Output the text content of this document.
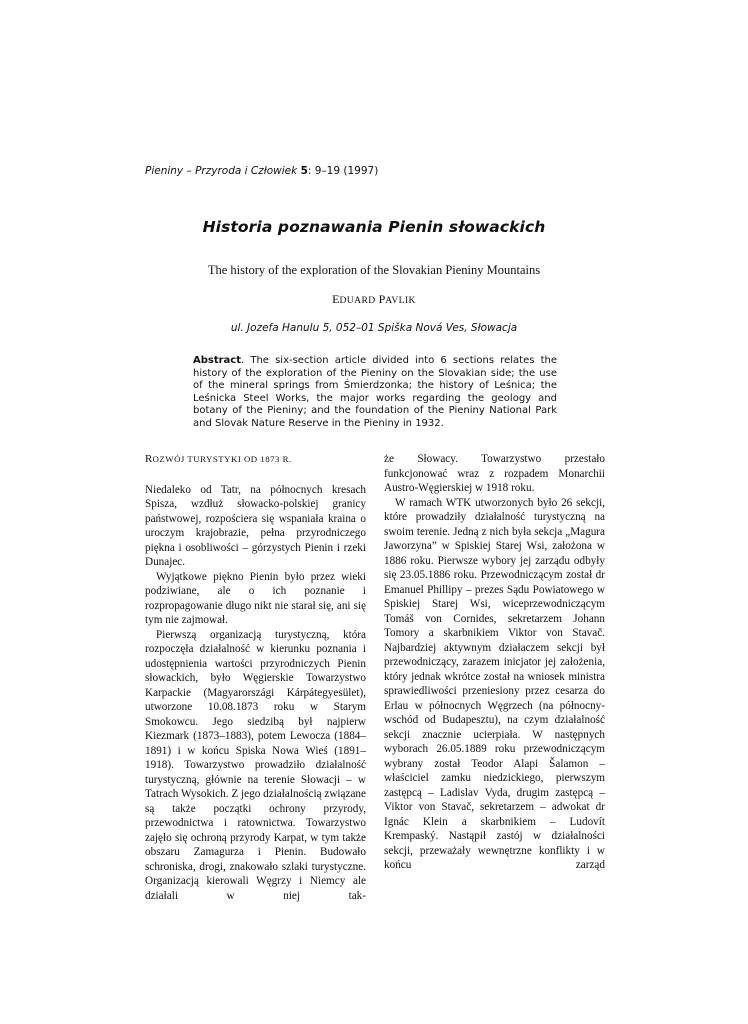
Pieniny – Przyroda i Człowiek 5: 9–19 (1997)
Historia poznawania Pienin słowackich
The history of the exploration of the Slovakian Pieniny Mountains
EDUARD PAVLIK
ul. Jozefa Hanulu 5, 052–01 Spiška Nová Ves, Słowacja
Abstract. The six-section article divided into 6 sections relates the history of the exploration of the Pieniny on the Slovakian side; the use of the mineral springs from Śmierdzonka; the history of Leśnica; the Leśnicka Steel Works, the major works regarding the geology and botany of the Pieniny; and the foundation of the Pieniny National Park and Slovak Nature Reserve in the Pieniny in 1932.
ROZWÓJ TURYSTYKI OD 1873 R.

Niedaleko od Tatr, na północnych kresach Spisza, wzdłuż słowacko-polskiej granicy państwowej, rozpościera się wspaniała kraina o uroczym krajobrazie, pełna przyrodniczego piękna i osobliwości – górzystych Pienin i rzeki Dunajec.

Wyjątkowe piękno Pienin było przez wieki podziwiane, ale o ich poznanie i rozpropagowanie długo nikt nie starał się, ani się tym nie zajmował.

Pierwszą organizacją turystyczną, która rozpoczęła działalność w kierunku poznania i udostępnienia wartości przyrodniczych Pienin słowackich, było Węgierskie Towarzystwo Karpackie (Magyarországi Kárpátegyesület), utworzone 10.08.1873 roku w Starym Smokowcu. Jego siedzibą był najpierw Kiezmark (1873–1883), potem Lewocza (1884–1891) i w końcu Spiska Nowa Wieś (1891–1918). Towarzystwo prowadziło działalność turystyczną, głównie na terenie Słowacji – w Tatrach Wysokich. Z jego działalnością związane są także początki ochrony przyrody, przewodnictwa i ratownictwa. Towarzystwo zajęło się ochroną przyrody Karpat, w tym także obszaru Zamagurza i Pienin. Budowało schroniska, drogi, znakowało szlaki turystyczne. Organizacją kierowali Węgrzy i Niemcy ale działali w niej tak-

że Słowacy. Towarzystwo przestało funkcjonować wraz z rozpadem Monarchii Austro-Węgierskiej w 1918 roku.

W ramach WTK utworzonych było 26 sekcji, które prowadziły działalność turystyczną na swoim terenie. Jedną z nich była sekcja „Magura Jaworzyna” w Spiskiej Starej Wsi, założona w 1886 roku. Pierwsze wybory jej zarządu odbyły się 23.05.1886 roku. Przewodniczącym został dr Emanuel Phillipy – prezes Sądu Powiatowego w Spiskiej Starej Wsi, wiceprzewodniczącym Tomáš von Cornides, sekretarzem Johann Tomory a skarbnikiem Viktor von Stavač. Najbardziej aktywnym działaczem sekcji był przewodniczący, zarazem inicjator jej założenia, który jednak wkrótce został na wniosek ministra sprawiedliwości przeniesiony przez cesarza do Erlau w północnych Węgrzech (na północny-wschód od Budapesztu), na czym działalność sekcji znacznie ucierpiała. W następnych wyborach 26.05.1889 roku przewodniczącym wybrany został Teodor Alapi Šalamon – właściciel zamku niedzickiego, pierwszym zastępcą – Ladislav Vyda, drugim zastępcą – Viktor von Stavač, sekretarzem – adwokat dr Ignác Klein a skarbnikiem – Ludovít Krempaský. Nastąpił zastój w działalności sekcji, przeważały wewnętrzne konflikty i w końcu zarząd
